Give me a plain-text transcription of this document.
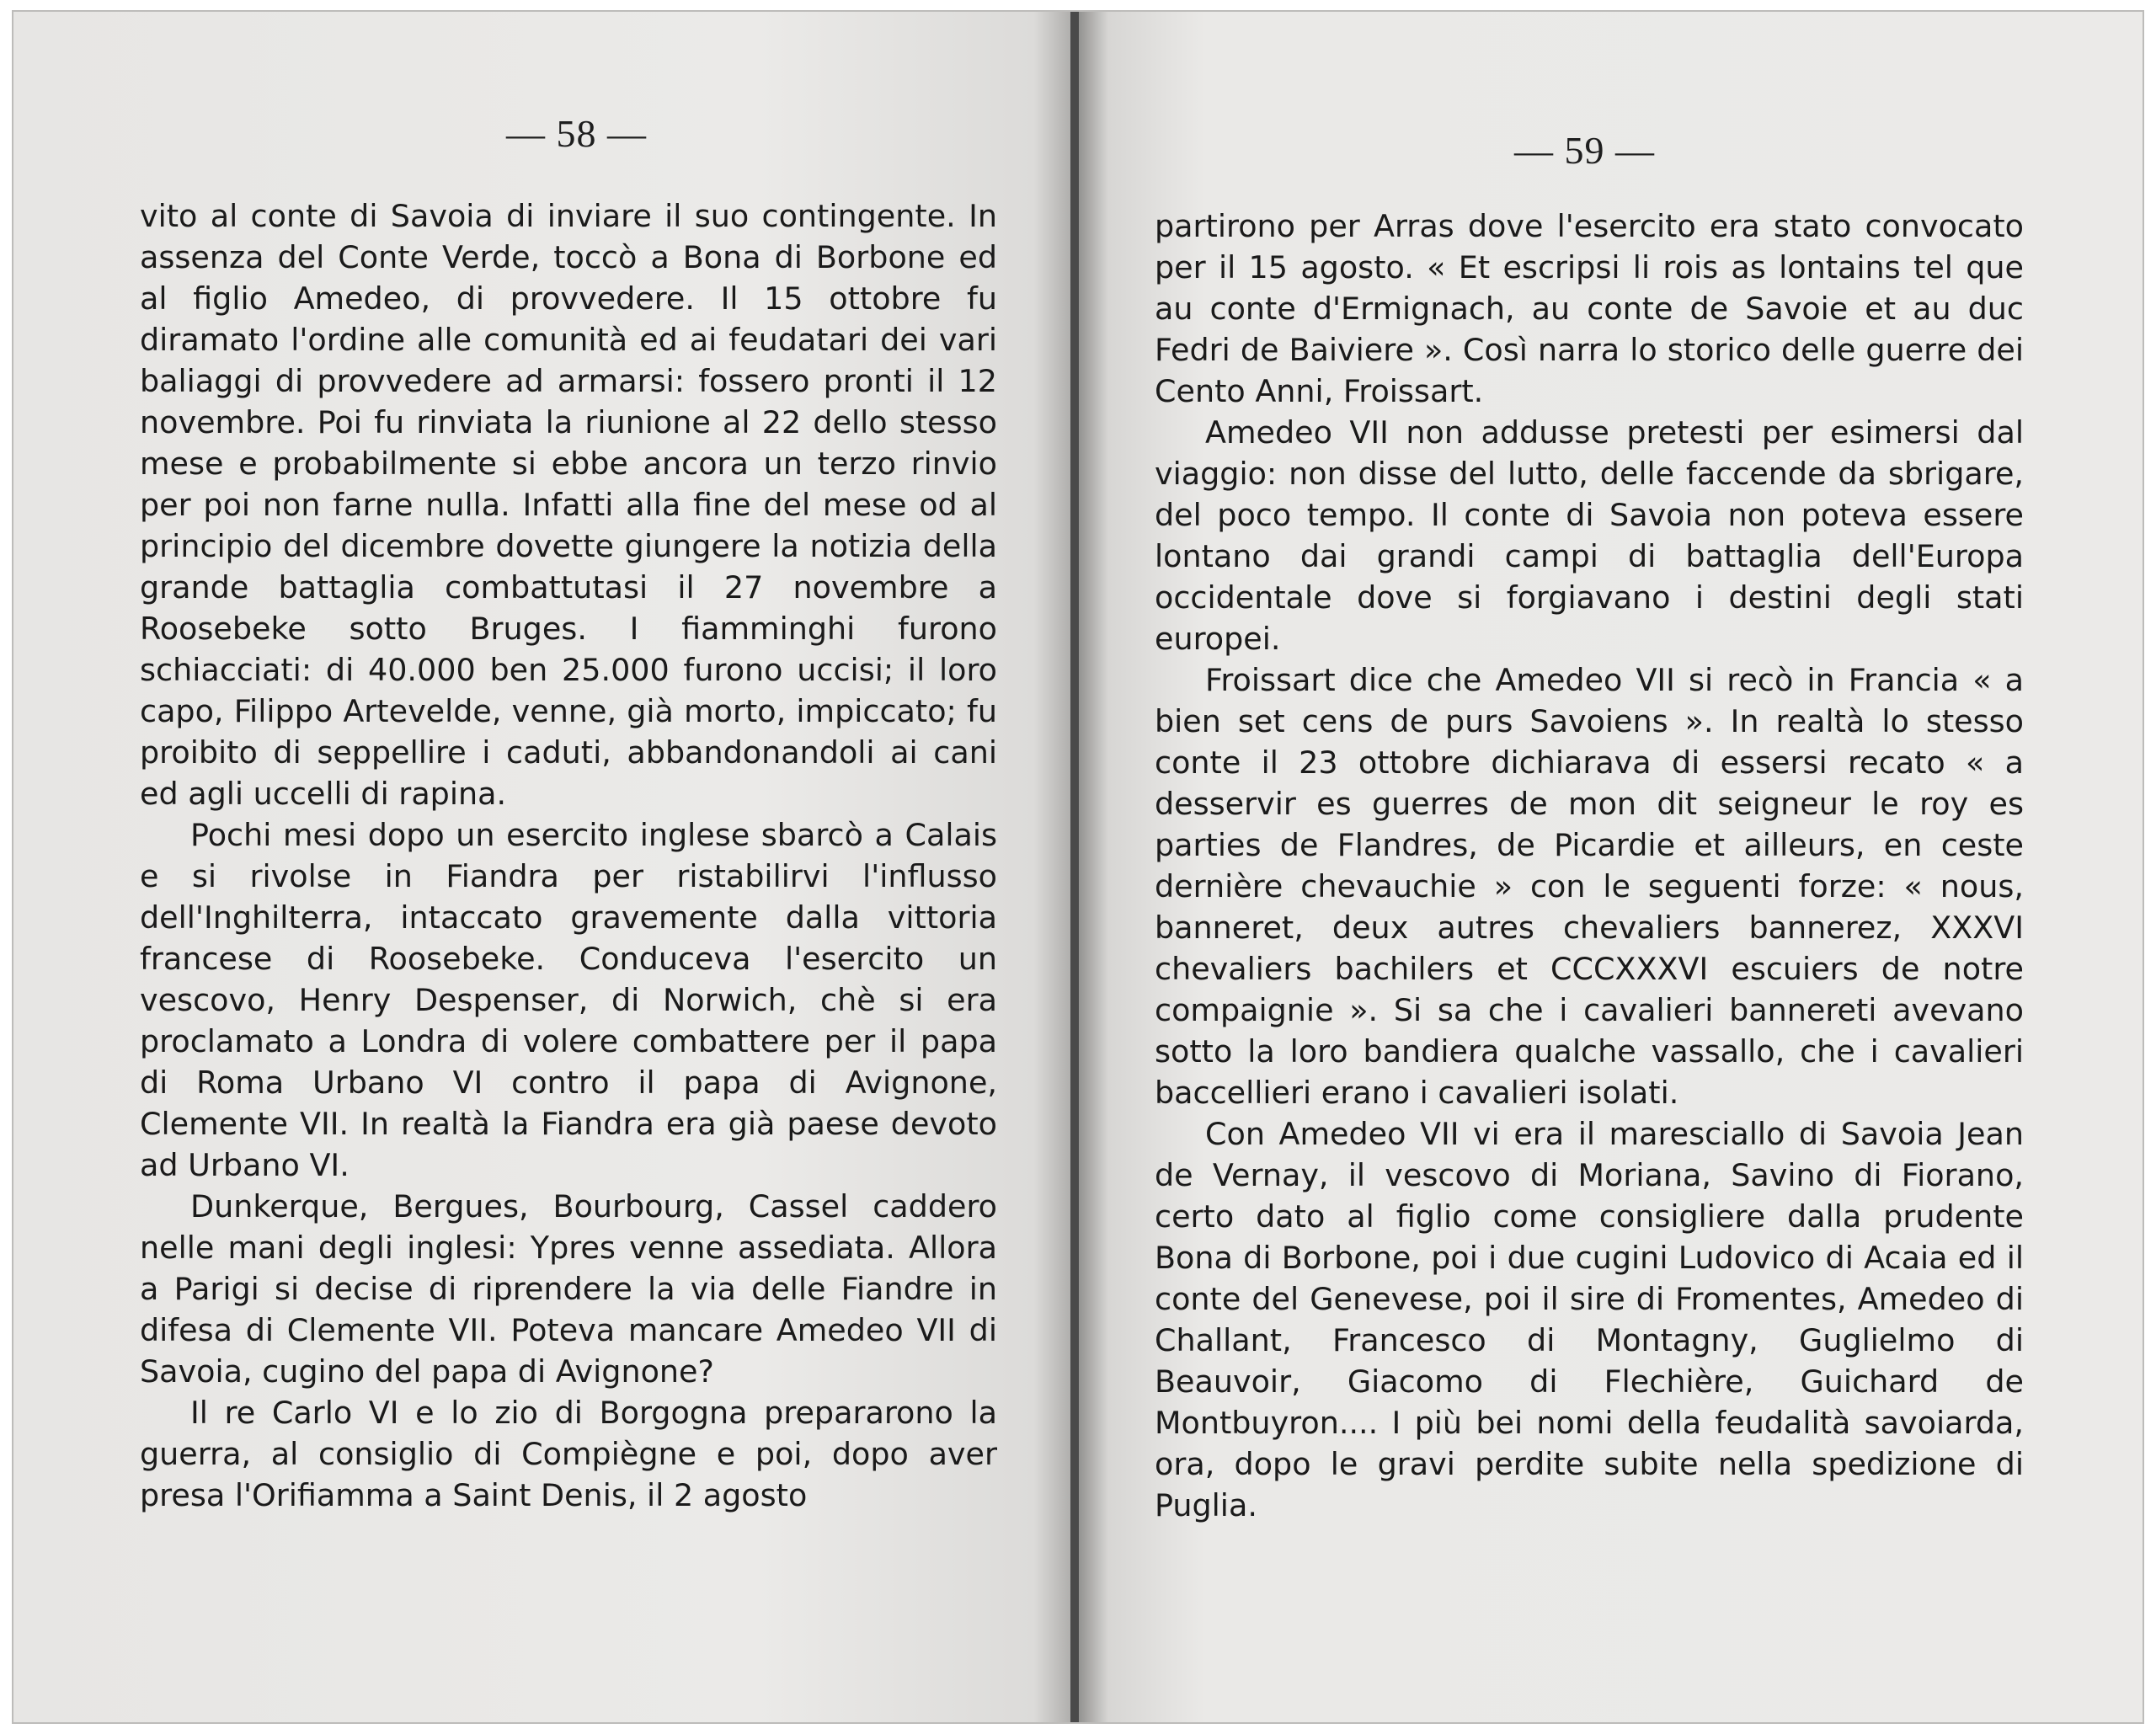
— 58 —

vito al conte di Savoia di inviare il suo contingente. In assenza del Conte Verde, toccò a Bona di Borbone ed al figlio Amedeo, di provvedere. Il 15 ottobre fu diramato l'ordine alle comunità ed ai feudatari dei vari baliaggi di provvedere ad armarsi: fossero pronti il 12 novembre. Poi fu rinviata la riunione al 22 dello stesso mese e probabilmente si ebbe ancora un terzo rinvio per poi non farne nulla. Infatti alla fine del mese od al principio del dicembre dovette giungere la notizia della grande battaglia combattutasi il 27 novembre a Roosebeke sotto Bruges. I fiamminghi furono schiacciati: di 40.000 ben 25.000 furono uccisi; il loro capo, Filippo Artevelde, venne, già morto, impiccato; fu proibito di seppellire i caduti, abbandonandoli ai cani ed agli uccelli di rapina.

Pochi mesi dopo un esercito inglese sbarcò a Calais e si rivolse in Fiandra per ristabilirvi l'influsso dell'Inghilterra, intaccato gravemente dalla vittoria francese di Roosebeke. Conduceva l'esercito un vescovo, Henry Despenser, di Norwich, chè si era proclamato a Londra di volere combattere per il papa di Roma Urbano VI contro il papa di Avignone, Clemente VII. In realtà la Fiandra era già paese devoto ad Urbano VI.

Dunkerque, Bergues, Bourbourg, Cassel caddero nelle mani degli inglesi: Ypres venne assediata. Allora a Parigi si decise di riprendere la via delle Fiandre in difesa di Clemente VII. Poteva mancare Amedeo VII di Savoia, cugino del papa di Avignone?

Il re Carlo VI e lo zio di Borgogna prepararono la guerra, al consiglio di Compiègne e poi, dopo aver presa l'Orifiamma a Saint Denis, il 2 agosto

— 59 —

partirono per Arras dove l'esercito era stato convocato per il 15 agosto. « Et escripsi li rois as lontains tel que au conte d'Ermignach, au conte de Savoie et au duc Fedri de Baiviere ». Così narra lo storico delle guerre dei Cento Anni, Froissart.

Amedeo VII non addusse pretesti per esimersi dal viaggio: non disse del lutto, delle faccende da sbrigare, del poco tempo. Il conte di Savoia non poteva essere lontano dai grandi campi di battaglia dell'Europa occidentale dove si forgiavano i destini degli stati europei.

Froissart dice che Amedeo VII si recò in Francia « a bien set cens de purs Savoiens ». In realtà lo stesso conte il 23 ottobre dichiarava di essersi recato « a desservir es guerres de mon dit seigneur le roy es parties de Flandres, de Picardie et ailleurs, en ceste dernière chevauchie » con le seguenti forze: « nous, banneret, deux autres chevaliers bannerez, XXXVI chevaliers bachilers et CCCXXXVI escuiers de notre compaignie ». Si sa che i cavalieri bannereti avevano sotto la loro bandiera qualche vassallo, che i cavalieri baccellieri erano i cavalieri isolati.

Con Amedeo VII vi era il maresciallo di Savoia Jean de Vernay, il vescovo di Moriana, Savino di Fiorano, certo dato al figlio come consigliere dalla prudente Bona di Borbone, poi i due cugini Ludovico di Acaia ed il conte del Genevese, poi il sire di Fromentes, Amedeo di Challant, Francesco di Montagny, Guglielmo di Beauvoir, Giacomo di Flechière, Guichard de Montbuyron.... I più bei nomi della feudalità savoiarda, ora, dopo le gravi perdite subite nella spedizione di Puglia.
